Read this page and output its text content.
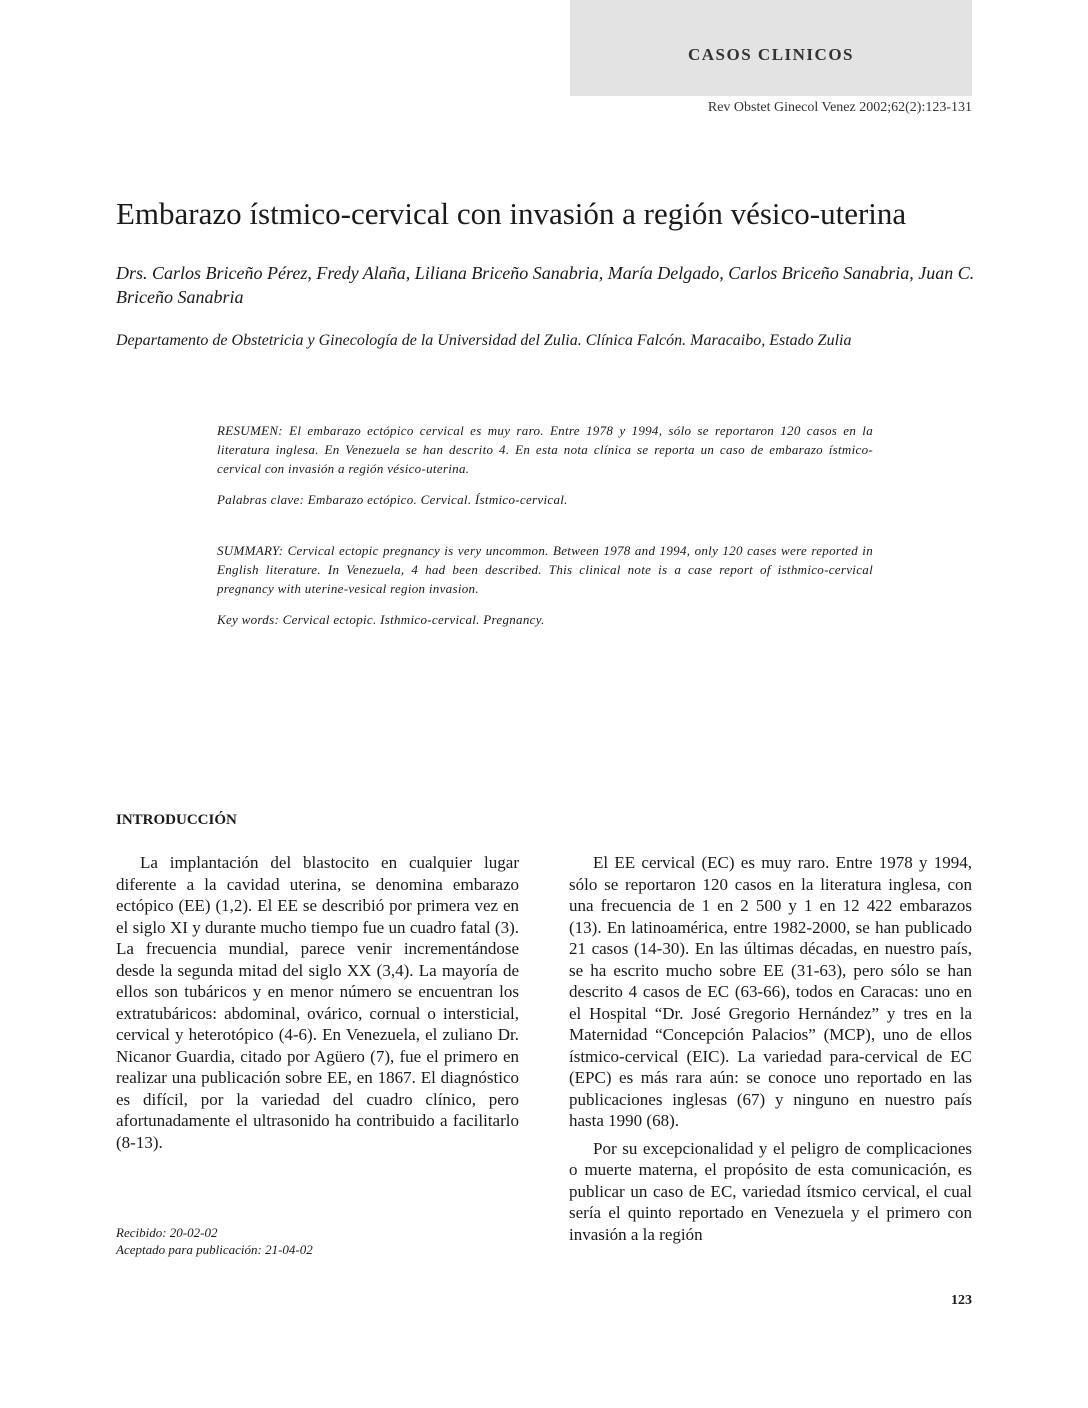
CASOS CLINICOS
Rev Obstet Ginecol Venez 2002;62(2):123-131
Embarazo ístmico-cervical con invasión a región vésico-uterina

Drs. Carlos Briceño Pérez, Fredy Alaña, Liliana Briceño Sanabria, María Delgado, Carlos Briceño Sanabria, Juan C. Briceño Sanabria

Departamento de Obstetricia y Ginecología de la Universidad del Zulia. Clínica Falcón. Maracaibo, Estado Zulia

RESUMEN: El embarazo ectópico cervical es muy raro. Entre 1978 y 1994, sólo se reportaron 120 casos en la literatura inglesa. En Venezuela se han descrito 4. En esta nota clínica se reporta un caso de embarazo ístmico-cervical con invasión a región vésico-uterina.

Palabras clave: Embarazo ectópico. Cervical. Ístmico-cervical.

SUMMARY: Cervical ectopic pregnancy is very uncommon. Between 1978 and 1994, only 120 cases were reported in English literature. In Venezuela, 4 had been described. This clinical note is a case report of isthmico-cervical pregnancy with uterine-vesical region invasion.

Key words: Cervical ectopic. Isthmico-cervical. Pregnancy.

INTRODUCCIÓN

La implantación del blastocito en cualquier lugar diferente a la cavidad uterina, se denomina embarazo ectópico (EE) (1,2). El EE se describió por primera vez en el siglo XI y durante mucho tiempo fue un cuadro fatal (3). La frecuencia mundial, parece venir incrementándose desde la segunda mitad del siglo XX (3,4). La mayoría de ellos son tubáricos y en menor número se encuentran los extratubáricos: abdominal, ovárico, cornual o intersticial, cervical y heterotópico (4-6). En Venezuela, el zuliano Dr. Nicanor Guardia, citado por Agüero (7), fue el primero en realizar una publicación sobre EE, en 1867. El diagnóstico es difícil, por la variedad del cuadro clínico, pero afortunadamente el ultrasonido ha contribuido a facilitarlo (8-13).

El EE cervical (EC) es muy raro. Entre 1978 y 1994, sólo se reportaron 120 casos en la literatura inglesa, con una frecuencia de 1 en 2 500 y 1 en 12 422 embarazos (13). En latinoamérica, entre 1982-2000, se han publicado 21 casos (14-30). En las últimas décadas, en nuestro país, se ha escrito mucho sobre EE (31-63), pero sólo se han descrito 4 casos de EC (63-66), todos en Caracas: uno en el Hospital “Dr. José Gregorio Hernández” y tres en la Maternidad “Concepción Palacios” (MCP), uno de ellos ístmico-cervical (EIC). La variedad para-cervical de EC (EPC) es más rara aún: se conoce uno reportado en las publicaciones inglesas (67) y ninguno en nuestro país hasta 1990 (68).

Por su excepcionalidad y el peligro de complicaciones o muerte materna, el propósito de esta comunicación, es publicar un caso de EC, variedad ítsmico cervical, el cual sería el quinto reportado en Venezuela y el primero con invasión a la región

Recibido: 20-02-02
Aceptado para publicación: 21-04-02
123
